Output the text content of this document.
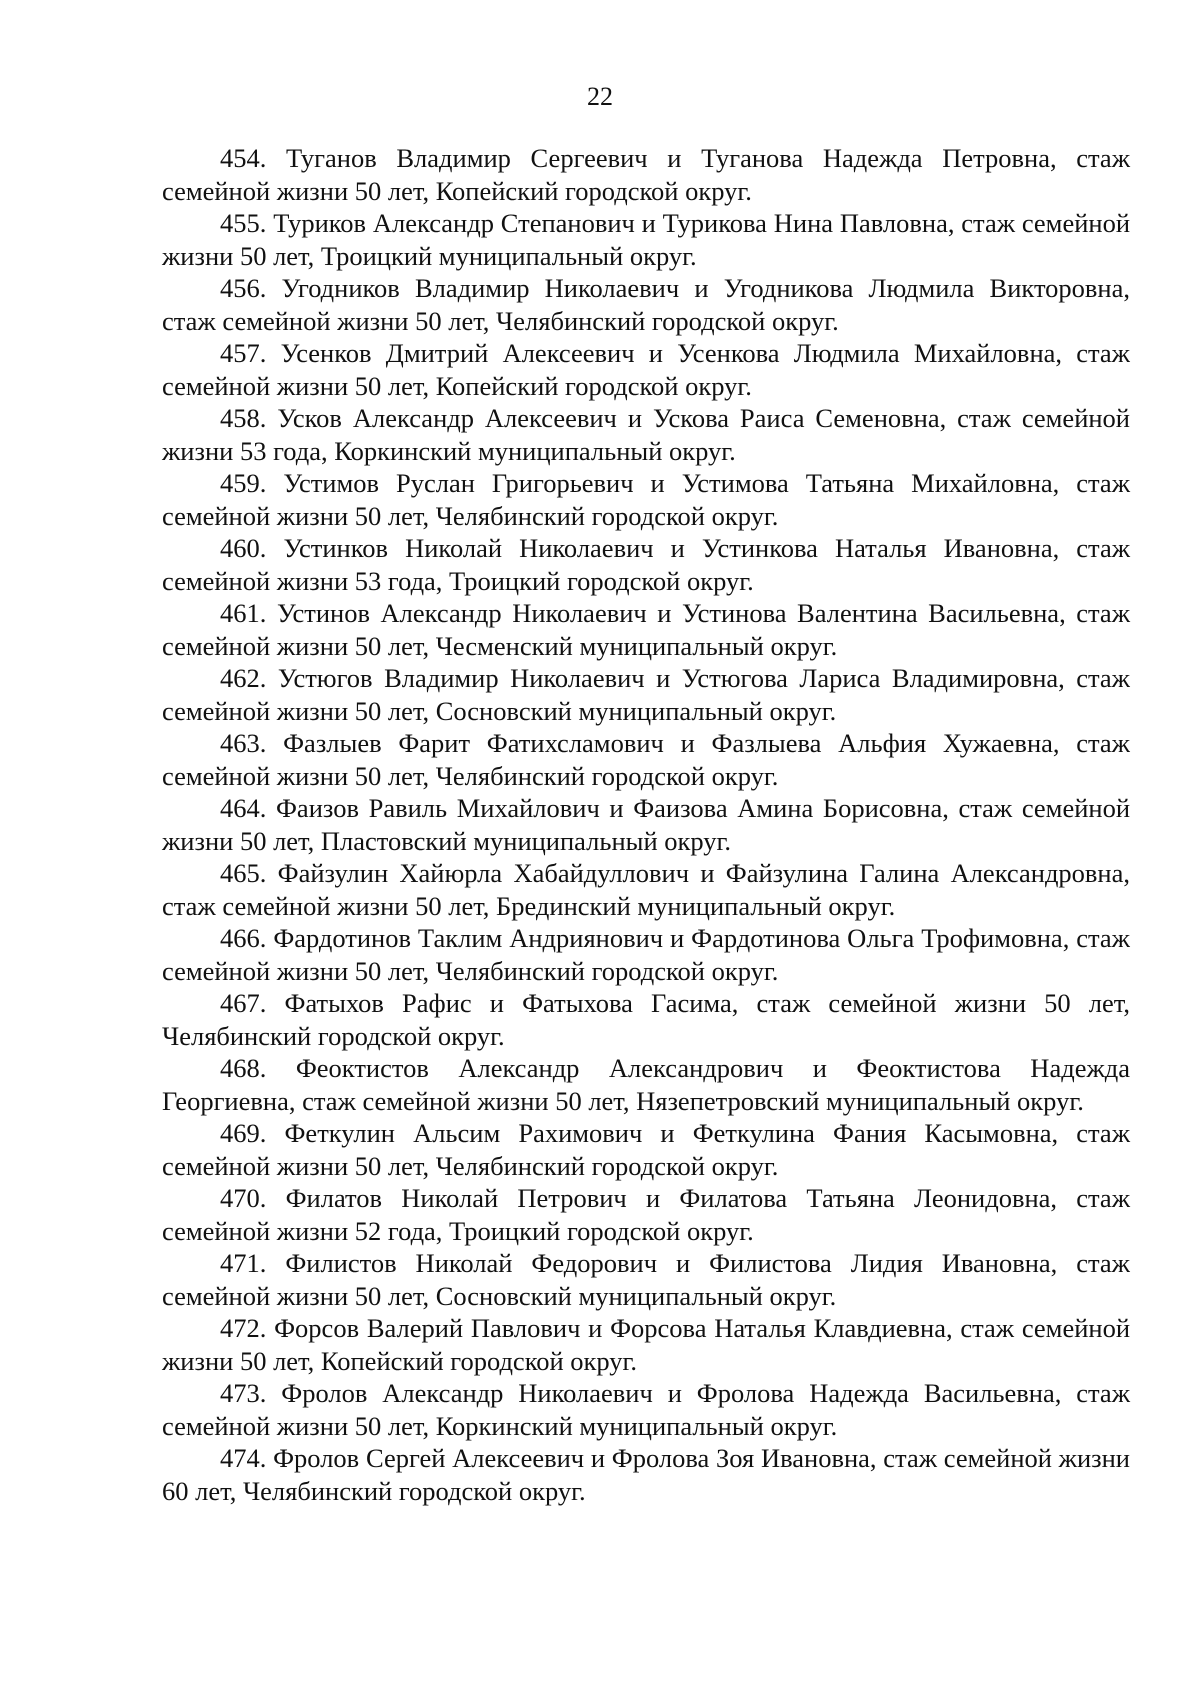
22

454. Туганов Владимир Сергеевич и Туганова Надежда Петровна, стаж семейной жизни 50 лет, Копейский городской округ.

455. Туриков Александр Степанович и Турикова Нина Павловна, стаж семейной жизни 50 лет, Троицкий муниципальный округ.

456. Угодников Владимир Николаевич и Угодникова Людмила Викторовна, стаж семейной жизни 50 лет, Челябинский городской округ.

457. Усенков Дмитрий Алексеевич и Усенкова Людмила Михайловна, стаж семейной жизни 50 лет, Копейский городской округ.

458. Усков Александр Алексеевич и Ускова Раиса Семеновна, стаж семейной жизни 53 года, Коркинский муниципальный округ.

459. Устимов Руслан Григорьевич и Устимова Татьяна Михайловна, стаж семейной жизни 50 лет, Челябинский городской округ.

460. Устинков Николай Николаевич и Устинкова Наталья Ивановна, стаж семейной жизни 53 года, Троицкий городской округ.

461. Устинов Александр Николаевич и Устинова Валентина Васильевна, стаж семейной жизни 50 лет, Чесменский муниципальный округ.

462. Устюгов Владимир Николаевич и Устюгова Лариса Владимировна, стаж семейной жизни 50 лет, Сосновский муниципальный округ.

463. Фазлыев Фарит Фатихсламович и Фазлыева Альфия Хужаевна, стаж семейной жизни 50 лет, Челябинский городской округ.

464. Фаизов Равиль Михайлович и Фаизова Амина Борисовна, стаж семейной жизни 50 лет, Пластовский муниципальный округ.

465. Файзулин Хайюрла Хабайдуллович и Файзулина Галина Александровна, стаж семейной жизни 50 лет, Брединский муниципальный округ.

466. Фардотинов Таклим Андриянович и Фардотинова Ольга Трофимовна, стаж семейной жизни 50 лет, Челябинский городской округ.

467. Фатыхов Рафис и Фатыхова Гасима, стаж семейной жизни 50 лет, Челябинский городской округ.

468. Феоктистов Александр Александрович и Феоктистова Надежда Георгиевна, стаж семейной жизни 50 лет, Нязепетровский муниципальный округ.

469. Феткулин Альсим Рахимович и Феткулина Фания Касымовна, стаж семейной жизни 50 лет, Челябинский городской округ.

470. Филатов Николай Петрович и Филатова Татьяна Леонидовна, стаж семейной жизни 52 года, Троицкий городской округ.

471. Филистов Николай Федорович и Филистова Лидия Ивановна, стаж семейной жизни 50 лет, Сосновский муниципальный округ.

472. Форсов Валерий Павлович и Форсова Наталья Клавдиевна, стаж семейной жизни 50 лет, Копейский городской округ.

473. Фролов Александр Николаевич и Фролова Надежда Васильевна, стаж семейной жизни 50 лет, Коркинский муниципальный округ.

474. Фролов Сергей Алексеевич и Фролова Зоя Ивановна, стаж семейной жизни 60 лет, Челябинский городской округ.
